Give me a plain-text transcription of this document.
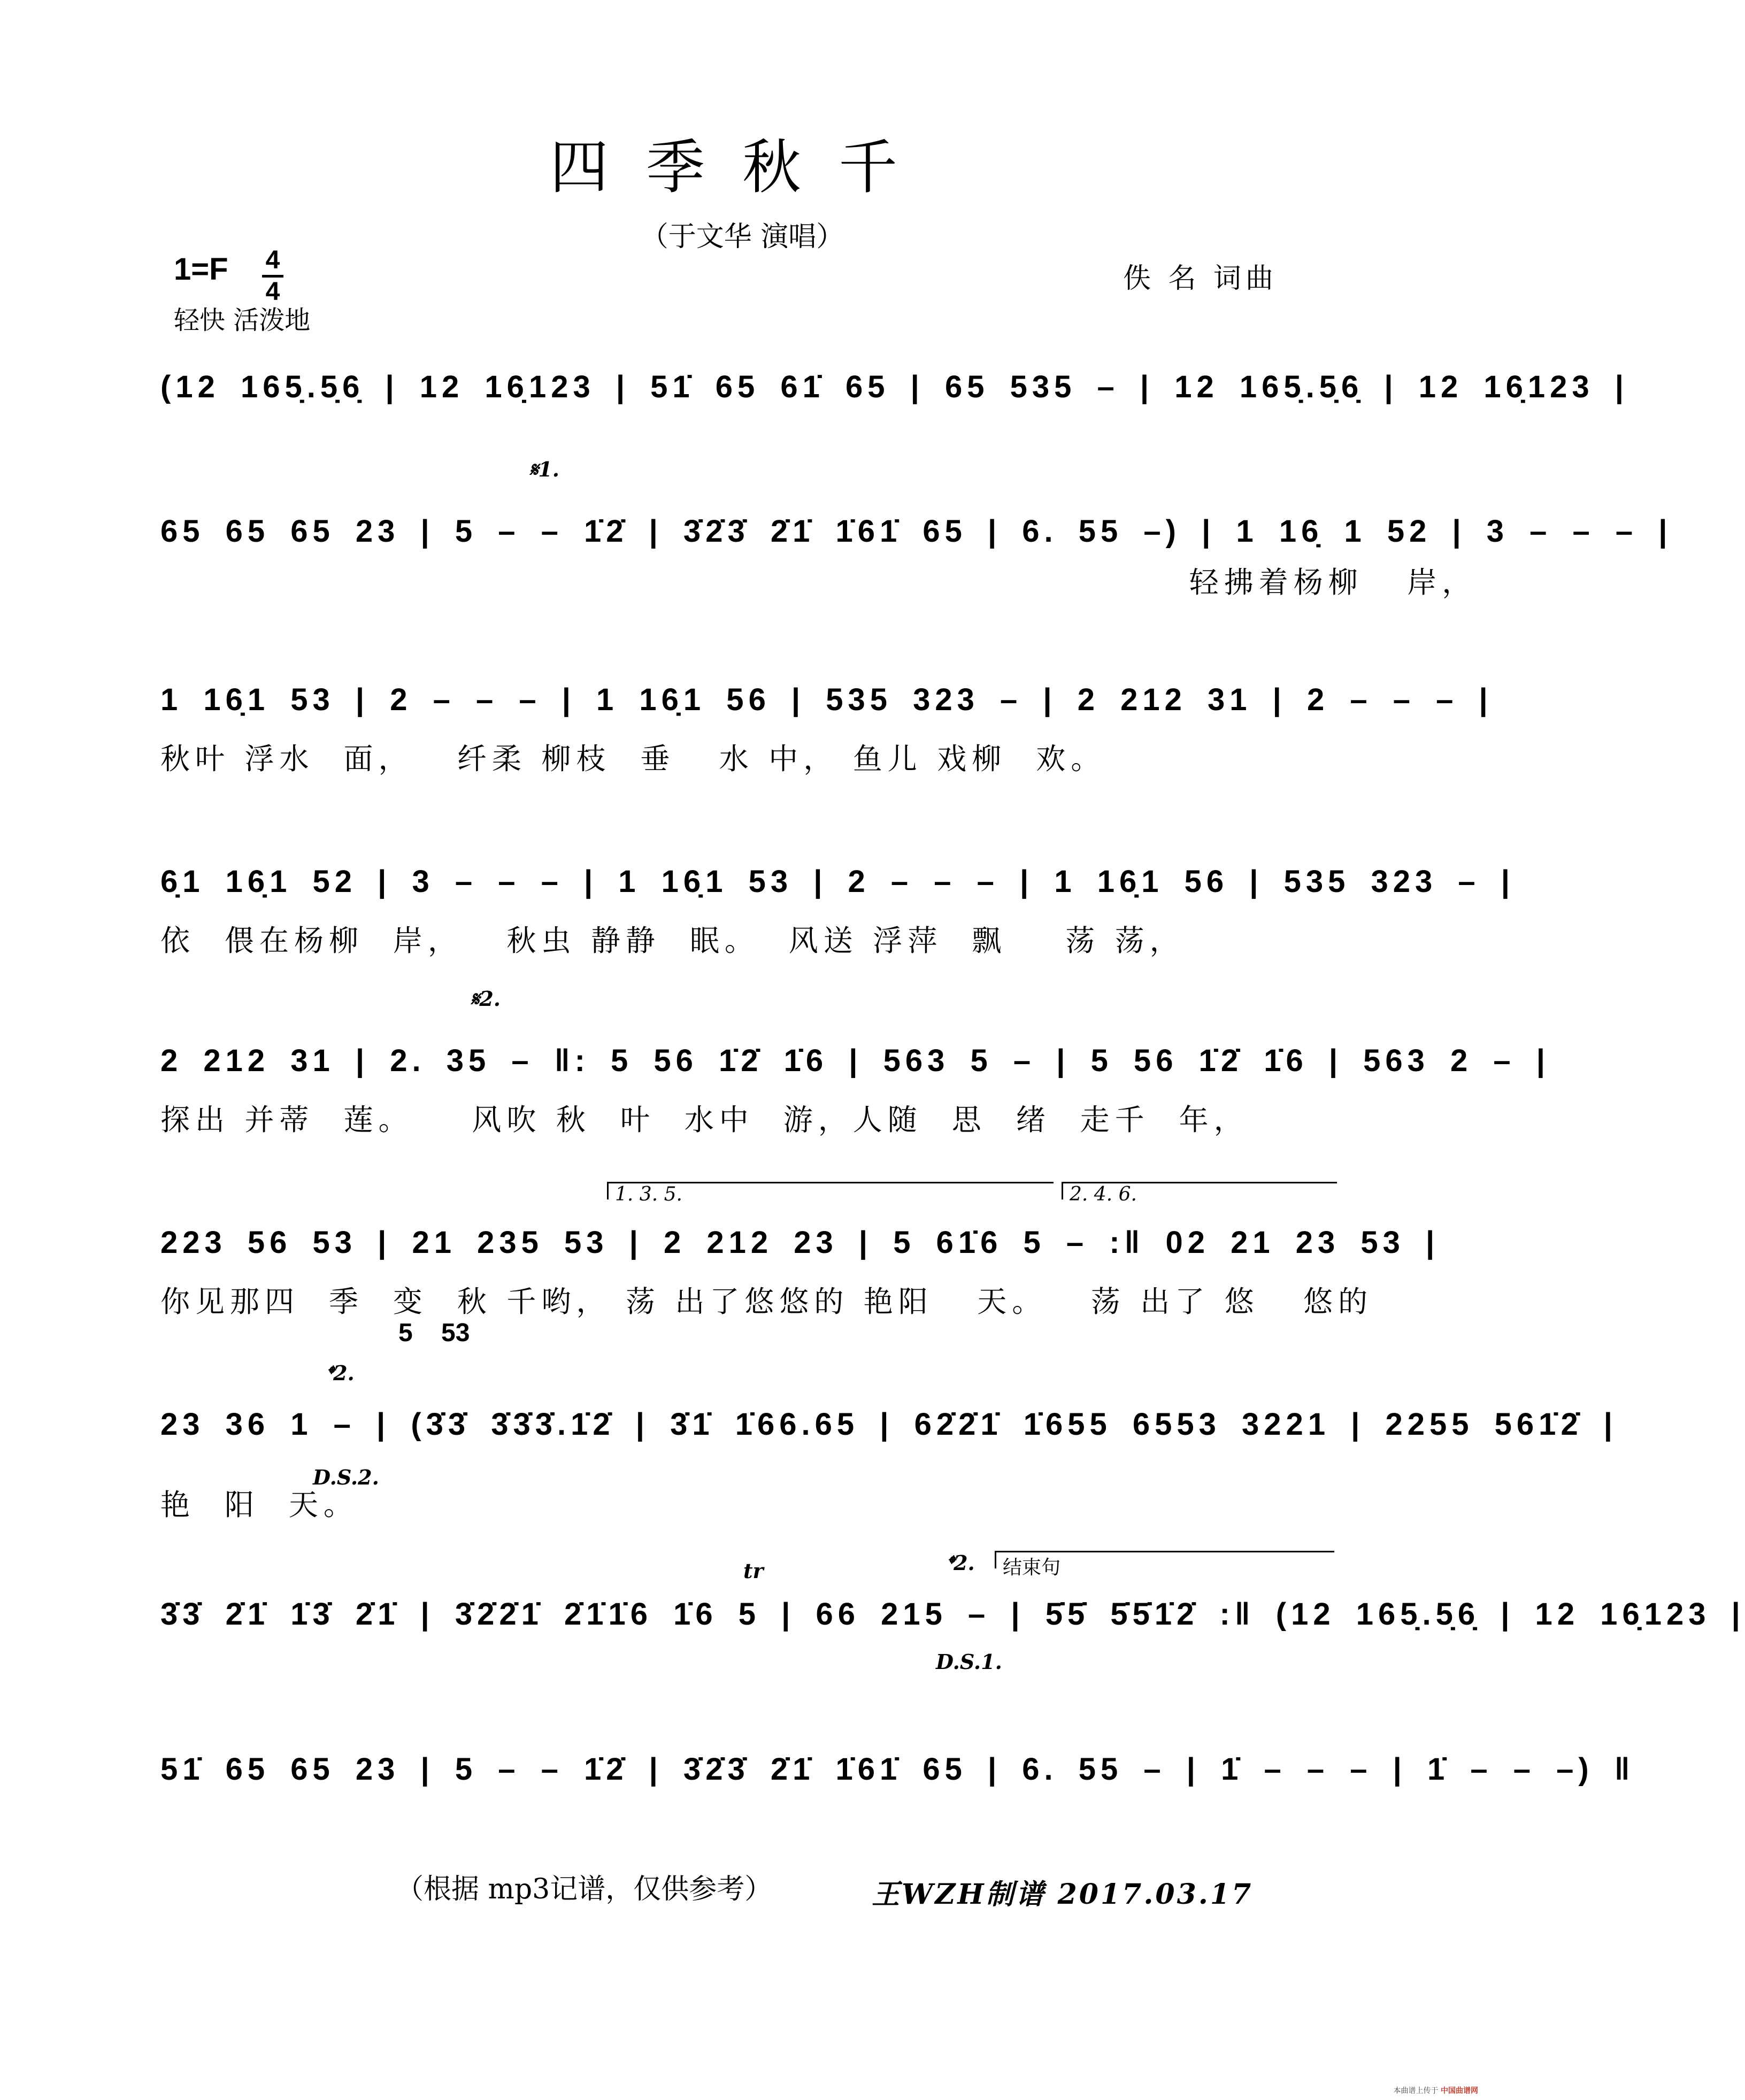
四季秋千
（于文华 演唱）
1=F 4
4
轻快 活泼地
佚 名 词曲
(12 165̣.5̣6̣ | 12 16̣123 | 51̇ 65 61̇ 65 | 65 535 – | 12 165̣.5̣6̣ | 12 16̣123 |
𝄋1.
65 65 65 23 | 5 – – 1̇2̇ | 3̇2̇3̇ 2̇1̇ 1̇61̇ 65 | 6. 55 –) | 1 16̣ 1 52 | 3 – – – |
轻拂着杨柳   岸，
1 16̣1 53 | 2 – – – | 1 16̣1 56 | 535 323 – | 2 212 31 | 2 – – – |
秋叶 浮水  面，   纤柔 柳枝  垂   水 中， 鱼儿 戏柳  欢。
6̣1 16̣1 52 | 3 – – – | 1 16̣1 53 | 2 – – – | 1 16̣1 56 | 535 323 – |
依  偎在杨柳  岸，   秋虫 静静  眠。  风送 浮萍  飘    荡 荡，
𝄋2.
2 212 31 | 2. 35 – ‖: 5 56 1̇2̇ 1̇6 | 563 5 – | 5 56 1̇2̇ 1̇6 | 563 2 – |
探出 并蒂  莲。    风吹 秋  叶  水中  游，人随  思  绪  走千  年，
1. 3. 5.	2. 4. 6.
223 56 53 | 21 235 53 | 2 212 23 | 5 61̇6 5 – :‖ 02 21 23 53 |
你见那四  季  变  秋 千哟， 荡 出了悠悠的 艳阳   天。   荡 出了 悠   悠的
5    53
𝄌2.
23 36 1 – | (3̇3̇ 3̇3̇3̇.1̇2̇ | 3̇1̇ 1̇66.65 | 62̇2̇1̇ 1̇655 6553 3221 | 2255 561̇2̇ |
D.S.2.
艳  阳  天。
tr	𝄌2.	结束句
3̇3̇ 2̇1̇ 1̇3̇ 2̇1̇ | 3̇2̇2̇1̇ 2̇1̇1̇6 1̇6 5 | 66 215 – | 5̇5̇ 5̇5̇1̇2̇ :‖ (12 165̣.5̣6̣ | 12 16̣123 |
D.S.1.
51̇ 65 65 23 | 5 – – 1̇2̇ | 3̇2̇3̇ 2̇1̇ 1̇61̇ 65 | 6. 55 – | 1̇ – – – | 1̇ – – –) ‖
（根据 mp3记谱，仅供参考）	王WZH制谱 2017.03.17
本曲谱上传于 中国曲谱网
